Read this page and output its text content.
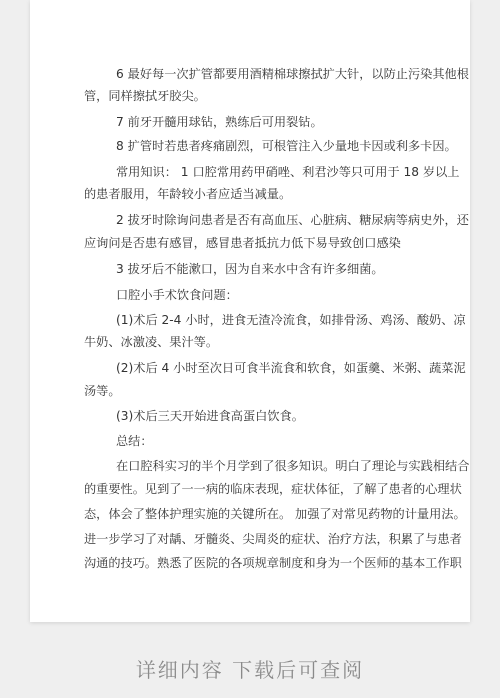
6 最好每一次扩管都要用酒精棉球擦拭扩大针，以防止污染其他根
管，同样擦拭牙胶尖。
7 前牙开髓用球钻，熟练后可用裂钻。
8 扩管时若患者疼痛剧烈，可根管注入少量地卡因或利多卡因。
常用知识： 1 口腔常用药甲硝唑、利君沙等只可用于 18 岁以上
的患者服用，年龄较小者应适当减量。
2 拔牙时除询问患者是否有高血压、心脏病、糖尿病等病史外，还
应询问是否患有感冒，感冒患者抵抗力低下易导致创口感染
3 拔牙后不能漱口，因为自来水中含有许多细菌。
口腔小手术饮食问题：
(1)术后 2-4 小时，进食无渣冷流食，如排骨汤、鸡汤、酸奶、凉
牛奶、冰激凌、果汁等。
(2)术后 4 小时至次日可食半流食和软食，如蛋羹、米粥、蔬菜泥
汤等。
(3)术后三天开始进食高蛋白饮食。
总结：
在口腔科实习的半个月学到了很多知识。明白了理论与实践相结合
的重要性。见到了一一病的临床表现，症状体征，了解了患者的心理状
态，体会了整体护理实施的关键所在。 加强了对常见药物的计量用法。
进一步学习了对龋、牙髓炎、尖周炎的症状、治疗方法，积累了与患者
沟通的技巧。熟悉了医院的各项规章制度和身为一个医师的基本工作职
详细内容 下载后可查阅
